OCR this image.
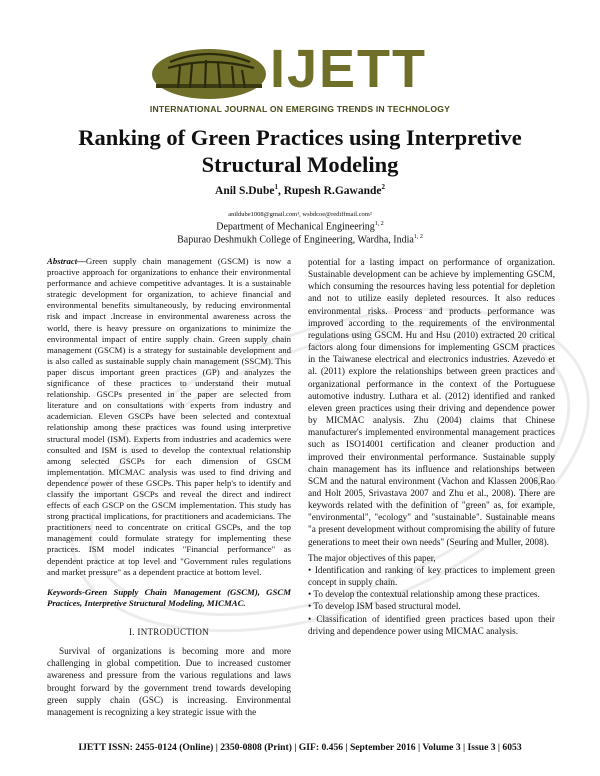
IJETT
INTERNATIONAL JOURNAL ON EMERGING TRENDS IN TECHNOLOGY
Ranking of Green Practices using Interpretive
Structural Modeling
Anil S.Dube$^1$, Rupesh R.Gawande$^2$
anildube1008@gmail.com¹, wsbdcoe@rediffmail.com²
Department of Mechanical Engineering$^{1, 2}$
Bapurao Deshmukh College of Engineering, Wardha, India$^{1, 2}$

Abstract—Green supply chain management (GSCM) is now a proactive approach for organizations to enhance their environmental performance and achieve competitive advantages. It is a sustainable strategic development for organization, to achieve financial and environmental benefits simultaneously, by reducing environmental risk and impact .Increase in environmental awareness across the world, there is heavy pressure on organizations to minimize the environmental impact of entire supply chain. Green supply chain management (GSCM) is a strategy for sustainable development and is also called as sustainable supply chain management (SSCM). This paper discus important green practices (GP) and analyzes the significance of these practices to understand their mutual relationship. GSCPs presented in the paper are selected from literature and on consultations with experts from industry and academician. Eleven GSCPs have been selected and contextual relationship among these practices was found using interpretive structural model (ISM). Experts from industries and academics were consulted and ISM is used to develop the contextual relationship among selected GSCPs for each dimension of GSCM implementation. MICMAC analysis was used to find driving and dependence power of these GSCPs. This paper help's to identify and classify the important GSCPs and reveal the direct and indirect effects of each GSCP on the GSCM implementation. This study has strong practical implications, for practitioners and academicians. The practitioners need to concentrate on critical GSCPs, and the top management could formulate strategy for implementing these practices. ISM model indicates "Financial performance" as dependent practice at top level and "Government rules regulations and market pressure" as a dependent practice at bottom level.

Keywords-Green Supply Chain Management (GSCM), GSCM Practices, Interpretive Structural Modeling, MICMAC.

I. INTRODUCTION

Survival of organizations is becoming more and more challenging in global competition. Due to increased customer awareness and pressure from the various regulations and laws brought forward by the government trend towards developing green supply chain (GSC) is increasing. Environmental management is recognizing a key strategic issue with the

potential for a lasting impact on performance of organization. Sustainable development can be achieve by implementing GSCM, which consuming the resources having less potential for depletion and not to utilize easily depleted resources. It also reduces environmental risks. Process and products performance was improved according to the requirements of the environmental regulations using GSCM. Hu and Hsu (2010) extracted 20 critical factors along four dimensions for implementing GSCM practices in the Taiwanese electrical and electronics industries. Azevedo et al. (2011) explore the relationships between green practices and organizational performance in the context of the Portuguese automotive industry. Luthara et al. (2012) identified and ranked eleven green practices using their driving and dependence power by MICMAC analysis. Zhu (2004) claims that Chinese manufacturer's implemented environmental management practices such as ISO14001 certification and cleaner production and improved their environmental performance. Sustainable supply chain management has its influence and relationships between SCM and the natural environment (Vachon and Klassen 2006,Rao and Holt 2005, Srivastava 2007 and Zhu et al., 2008). There are keywords related with the definition of "green" as, for example, "environmental", "ecology" and "sustainable". Sustainable means "a present development without compromising the ability of future generations to meet their own needs" (Seuring and Muller, 2008).

The major objectives of this paper,

• Identification and ranking of key practices to implement green concept in supply chain.

• To develop the contextual relationship among these practices.

• To develop ISM based structural model.

• Classification of identified green practices based upon their driving and dependence power using MICMAC analysis.

IJETT ISSN: 2455-0124 (Online) | 2350-0808 (Print) | GIF: 0.456 | September 2016 | Volume 3 | Issue 3 | 6053
